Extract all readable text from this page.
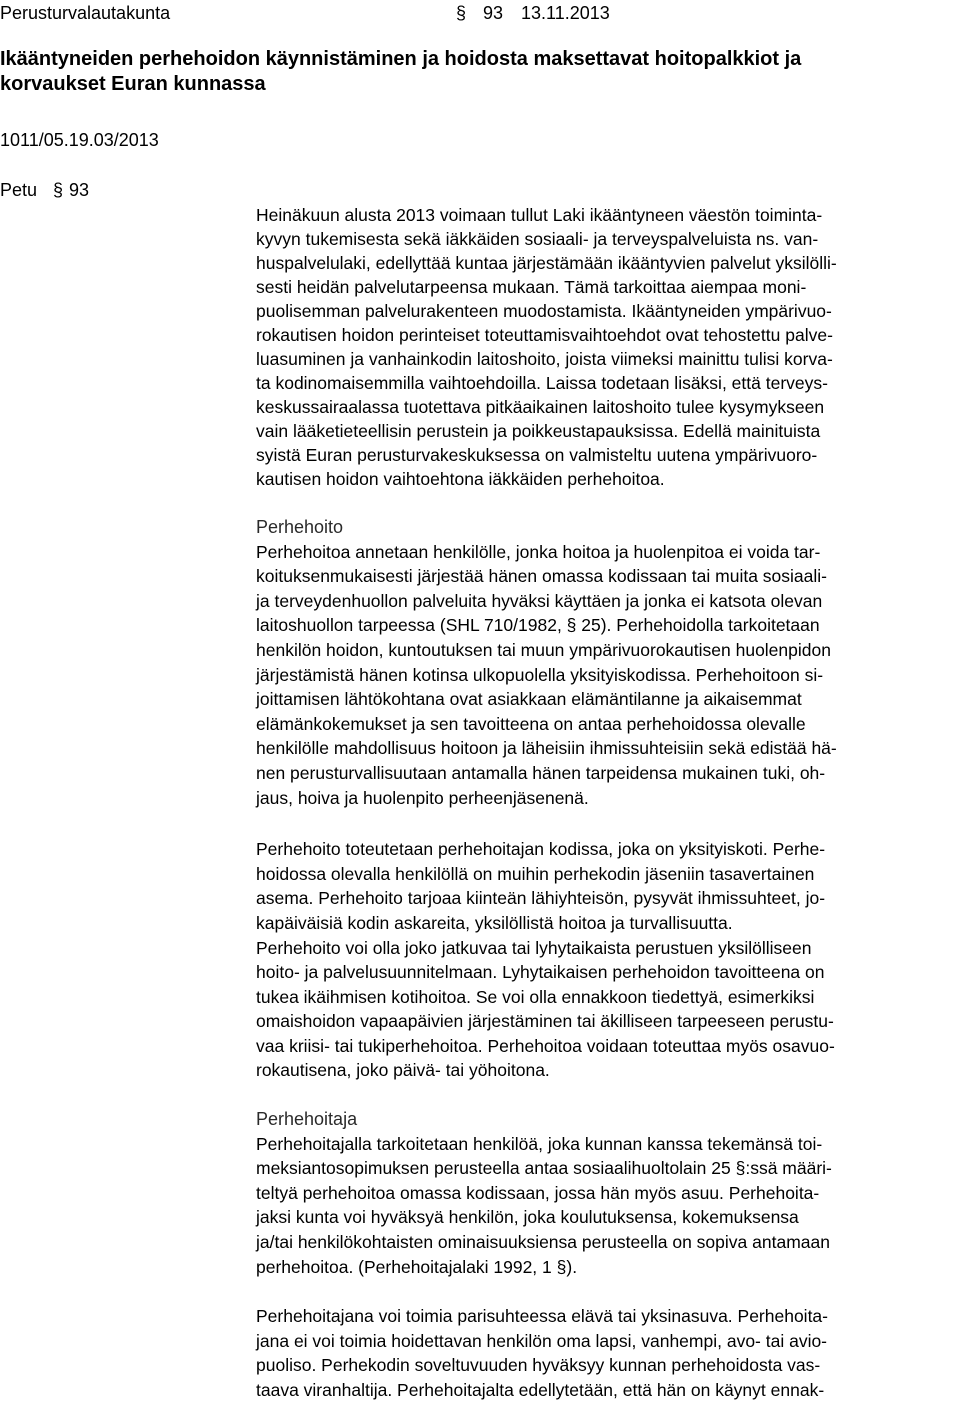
Perusturvalautakunta	§ 93 13.11.2013
Ikääntyneiden perhehoidon käynnistäminen ja hoidosta maksettavat hoitopalkkiot ja
korvaukset Euran kunnassa
1011/05.19.03/2013
Petu § 93
Heinäkuun alusta 2013 voimaan tullut Laki ikääntyneen väestön toiminta-
kyvyn tukemisesta sekä iäkkäiden sosiaali- ja terveyspalveluista ns. van-
huspalvelulaki, edellyttää kuntaa järjestämään ikääntyvien palvelut yksilölli-
sesti heidän palvelutarpeensa mukaan. Tämä tarkoittaa aiempaa moni-
puolisemman palvelurakenteen muodostamista. Ikääntyneiden ympärivuo-
rokautisen hoidon perinteiset toteuttamisvaihtoehdot ovat tehostettu palve-
luasuminen ja vanhainkodin laitoshoito, joista viimeksi mainittu tulisi korva-
ta kodinomaisemmilla vaihtoehdoilla. Laissa todetaan lisäksi, että terveys-
keskussairaalassa tuotettava pitkäaikainen laitoshoito tulee kysymykseen
vain lääketieteellisin perustein ja poikkeustapauksissa. Edellä mainituista
syistä Euran perusturvakeskuksessa on valmisteltu uutena ympärivuoro-
kautisen hoidon vaihtoehtona iäkkäiden perhehoitoa.
Perhehoito
Perhehoitoa annetaan henkilölle, jonka hoitoa ja huolenpitoa ei voida tar-
koituksenmukaisesti järjestää hänen omassa kodissaan tai muita sosiaali-
ja terveydenhuollon palveluita hyväksi käyttäen ja jonka ei katsota olevan
laitoshuollon tarpeessa (SHL 710/1982, § 25). Perhehoidolla tarkoitetaan
henkilön hoidon, kuntoutuksen tai muun ympärivuorokautisen huolenpidon
järjestämistä hänen kotinsa ulkopuolella yksityiskodissa. Perhehoitoon si-
joittamisen lähtökohtana ovat asiakkaan elämäntilanne ja aikaisemmat
elämänkokemukset ja sen tavoitteena on antaa perhehoidossa olevalle
henkilölle mahdollisuus hoitoon ja läheisiin ihmissuhteisiin sekä edistää hä-
nen perusturvallisuutaan antamalla hänen tarpeidensa mukainen tuki, oh-
jaus, hoiva ja huolenpito perheenjäsenenä.
Perhehoito toteutetaan perhehoitajan kodissa, joka on yksityiskoti. Perhe-
hoidossa olevalla henkilöllä on muihin perhekodin jäseniin tasavertainen
asema. Perhehoito tarjoaa kiinteän lähiyhteisön, pysyvät ihmissuhteet, jo-
kapäiväisiä kodin askareita, yksilöllistä hoitoa ja turvallisuutta.
Perhehoito voi olla joko jatkuvaa tai lyhytaikaista perustuen yksilölliseen
hoito- ja palvelusuunnitelmaan. Lyhytaikaisen perhehoidon tavoitteena on
tukea ikäihmisen kotihoitoa. Se voi olla ennakkoon tiedettyä, esimerkiksi
omaishoidon vapaapäivien järjestäminen tai äkilliseen tarpeeseen perustu-
vaa kriisi- tai tukiperhehoitoa. Perhehoitoa voidaan toteuttaa myös osavuo-
rokautisena, joko päivä- tai yöhoitona.
Perhehoitaja
Perhehoitajalla tarkoitetaan henkilöä, joka kunnan kanssa tekemänsä toi-
meksiantosopimuksen perusteella antaa sosiaalihuoltolain 25 §:ssä määri-
teltyä perhehoitoa omassa kodissaan, jossa hän myös asuu. Perhehoita-
jaksi kunta voi hyväksyä henkilön, joka koulutuksensa, kokemuksensa
ja/tai henkilökohtaisten ominaisuuksiensa perusteella on sopiva antamaan
perhehoitoa. (Perhehoitajalaki 1992, 1 §).
Perhehoitajana voi toimia parisuhteessa elävä tai yksinasuva. Perhehoita-
jana ei voi toimia hoidettavan henkilön oma lapsi, vanhempi, avo- tai avio-
puoliso. Perhekodin soveltuvuuden hyväksyy kunnan perhehoidosta vas-
taava viranhaltija. Perhehoitajalta edellytetään, että hän on käynyt ennak-
